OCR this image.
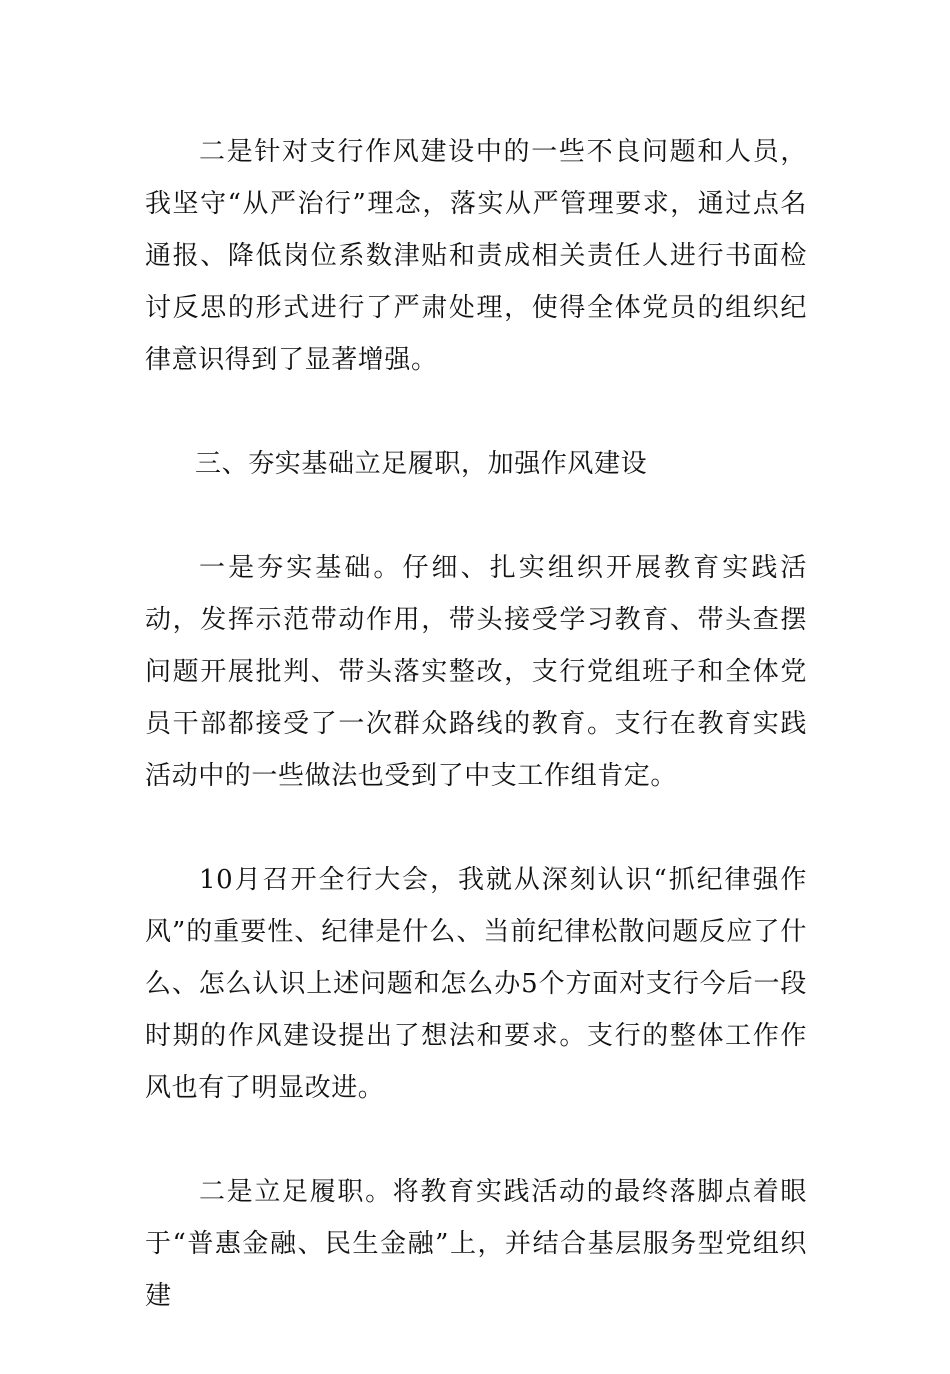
二是针对支行作风建设中的一些不良问题和人员，我坚守“从严治行”理念，落实从严管理要求，通过点名通报、降低岗位系数津贴和责成相关责任人进行书面检讨反思的形式进行了严肃处理，使得全体党员的组织纪律意识得到了显著增强。

三、夯实基础立足履职，加强作风建设

一是夯实基础。仔细、扎实组织开展教育实践活动，发挥示范带动作用，带头接受学习教育、带头查摆问题开展批判、带头落实整改，支行党组班子和全体党员干部都接受了一次群众路线的教育。支行在教育实践活动中的一些做法也受到了中支工作组肯定。

10月召开全行大会，我就从深刻认识“抓纪律强作风”的重要性、纪律是什么、当前纪律松散问题反应了什么、怎么认识上述问题和怎么办5个方面对支行今后一段时期的作风建设提出了想法和要求。支行的整体工作作风也有了明显改进。

二是立足履职。将教育实践活动的最终落脚点着眼于“普惠金融、民生金融”上，并结合基层服务型党组织建
